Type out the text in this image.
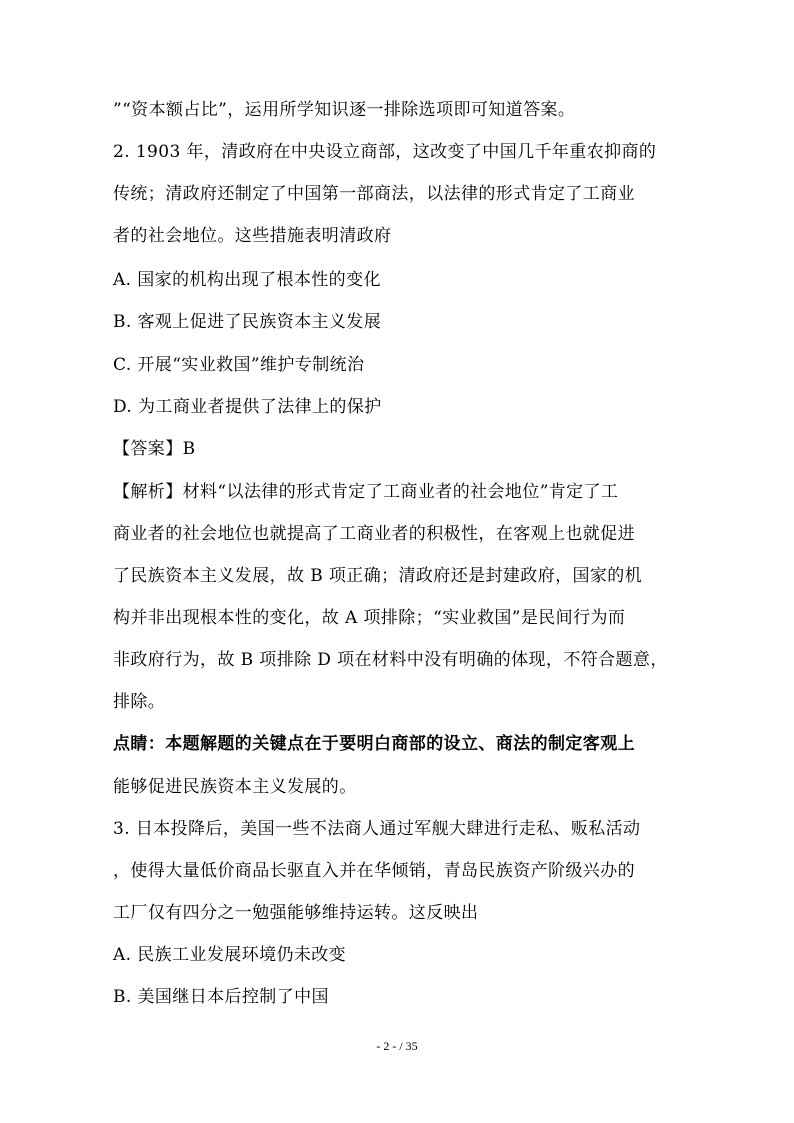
”“资本额占比”，运用所学知识逐一排除选项即可知道答案。
2. 1903 年，清政府在中央设立商部，这改变了中国几千年重农抑商的
传统；清政府还制定了中国第一部商法，以法律的形式肯定了工商业
者的社会地位。这些措施表明清政府
A. 国家的机构出现了根本性的变化
B. 客观上促进了民族资本主义发展
C. 开展“实业救国”维护专制统治
D. 为工商业者提供了法律上的保护
【答案】B
【解析】材料“以法律的形式肯定了工商业者的社会地位”肯定了工
商业者的社会地位也就提高了工商业者的积极性，在客观上也就促进
了民族资本主义发展，故 B 项正确；清政府还是封建政府，国家的机
构并非出现根本性的变化，故 A 项排除；“实业救国”是民间行为而
非政府行为，故 B 项排除 D 项在材料中没有明确的体现，不符合题意，
排除。
点睛：本题解题的关键点在于要明白商部的设立、商法的制定客观上
能够促进民族资本主义发展的。
3. 日本投降后，美国一些不法商人通过军舰大肆进行走私、贩私活动
，使得大量低价商品长驱直入并在华倾销，青岛民族资产阶级兴办的
工厂仅有四分之一勉强能够维持运转。这反映出
A. 民族工业发展环境仍未改变
B. 美国继日本后控制了中国
- 2 - / 35
